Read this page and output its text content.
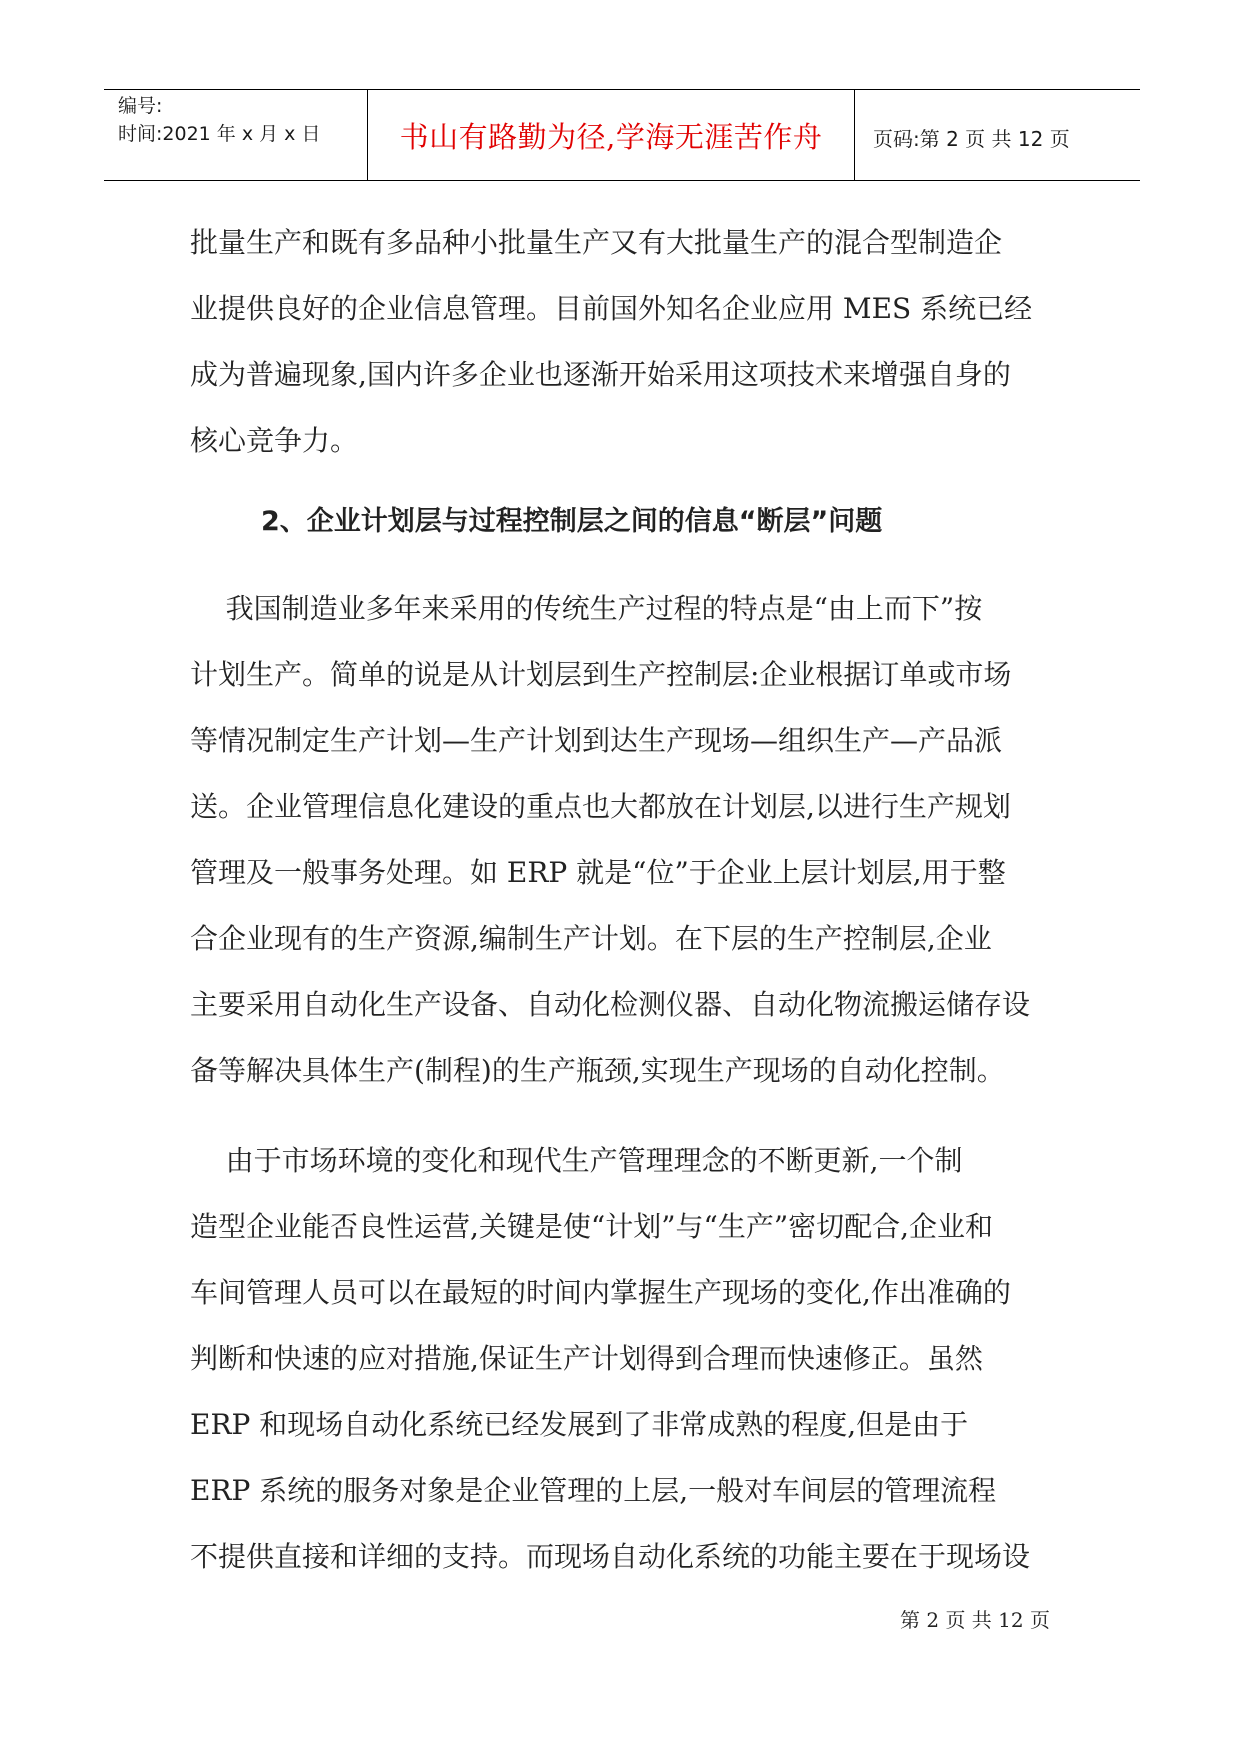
编号:
时间:2021 年 x 月 x 日	书山有路勤为径,学海无涯苦作舟	页码:第 2 页 共 12 页
批量生产和既有多品种小批量生产又有大批量生产的混合型制造企
业提供良好的企业信息管理。目前国外知名企业应用 MES 系统已经
成为普遍现象,国内许多企业也逐渐开始采用这项技术来增强自身的
核心竞争力。
2、企业计划层与过程控制层之间的信息“断层”问题
我国制造业多年来采用的传统生产过程的特点是“由上而下”按
计划生产。简单的说是从计划层到生产控制层:企业根据订单或市场
等情况制定生产计划—生产计划到达生产现场—组织生产—产品派
送。企业管理信息化建设的重点也大都放在计划层,以进行生产规划
管理及一般事务处理。如 ERP 就是“位”于企业上层计划层,用于整
合企业现有的生产资源,编制生产计划。在下层的生产控制层,企业
主要采用自动化生产设备、自动化检测仪器、自动化物流搬运储存设
备等解决具体生产(制程)的生产瓶颈,实现生产现场的自动化控制。
由于市场环境的变化和现代生产管理理念的不断更新,一个制
造型企业能否良性运营,关键是使“计划”与“生产”密切配合,企业和
车间管理人员可以在最短的时间内掌握生产现场的变化,作出准确的
判断和快速的应对措施,保证生产计划得到合理而快速修正。虽然
ERP 和现场自动化系统已经发展到了非常成熟的程度,但是由于
ERP 系统的服务对象是企业管理的上层,一般对车间层的管理流程
不提供直接和详细的支持。而现场自动化系统的功能主要在于现场设
第 2 页 共 12 页
